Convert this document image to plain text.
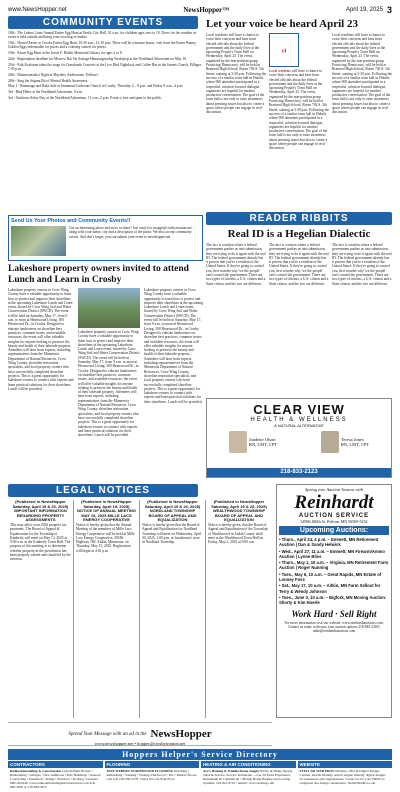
www.NewsHopper.net	NewsHopper™	April 19, 2025 3
COMMUNITY EVENTS
18th - The Lakers Lions Annual Easter Egg Hunt at Emily City Hall, 10 a.m., for children ages zero to 10. Dress for the weather as event is held outside and bring your own bag or basket.
19th - Hosted Easter at Crooks Easter Egg Hunt, 10:30 a.m.–12:30 p.m. There will be a bounce house, visit from the Easter Bunny, Golden Eggs redeemable for prizes and a coloring contest for prizes.
19th - Easter Egg Hunt at the Jessie F. Hallett Memorial Library for ages 2 to 8.
24th - Registration deadline for Morrow Bat Vet Satsage Hammogenolog Workshop at the Northland Arboretum on May 10.
25th - Erik Koskinen takes the stage for Grasslands Concerts at the Live Bird Nightlock and Coffee Bar in the Jaunes Church, Pillager. 7:30 p.m.
26th - Bluemoonsalist Night at Maydery Auditorium, Trellawf.
28th - Sing the Stigma Bit of Mental Health Awareness.
May 1 - Rummage and Bake Sale at Immanuel Lutheran Church in Crosby. Thursday 4 – 8 p.m. and Friday 8 a.m.–4 p.m.
3rd - Bird Hikes at the Northland Arboretum, 8 a.m.
3rd - Outdoors Arbor Day at the Northland Arboretum, 11 a.m.–2 p.m. Event is free and open to the public.
Send Us Your Photos and Community Events!!
Got an interesting photo and story to share? Just send it to moppe@crosbyironton.net, along with your name, city and a description of the photo. We also accept community events. And don't forget, you can submit your event to newshopper.net
Lakeshore property owners invited to attend Lunch and Learn in Crosby
Lakeshore property owners in Crow Wing County have a valuable opportunity to learn how to protect and improve their shorelines at the upcoming Lakeshore Lunch and Learn event, hosted by Crow Wing Soil and Water Conservation District (SWCD). The event will be held on Saturday, May 17, from 9 a.m. to noon at Heartwood Living, 500 Heartwood Dr., in Crosby. Designed to educate landowners on shoreline best practices, common issues, and available resources, the event will offer valuable insights for anyone looking to preserve the beauty and health of their lakeside property. Attendees will hear from experts, including representatives from the Minnesota Department of Natural Resources, Crow Wing County, shoreline restoration specialists, and local property owners who have successfully completed shoreline projects. This is a great opportunity for lakeshore owners to connect with experts and learn practical solutions for their shorelines. Lunch will be provided.
Lakeshore property owners in Crow Wing County have a valuable opportunity to learn how to protect and improve their shorelines at the upcoming Lakeshore Lunch and Learn event, hosted by Crow Wing Soil and Water Conservation District (SWCD). The event will be held on Saturday, May 17, from 9 a.m. to noon at Heartwood Living, 500 Heartwood Dr., in Crosby. Designed to educate landowners on shoreline best practices, common issues, and available resources, the event will offer valuable insights for anyone looking to preserve the beauty and health of their lakeside property. Attendees will hear from experts, including representatives from the Minnesota Department of Natural Resources, Crow Wing County, shoreline restoration specialists, and local property owners who have successfully completed shoreline projects. This is a great opportunity for lakeshore owners to connect with experts and learn practical solutions for their shorelines. Lunch will be provided.
Lakeshore property owners in Crow Wing County have a valuable opportunity to learn how to protect and improve their shorelines at the upcoming Lakeshore Lunch and Learn event, hosted by Crow Wing Soil and Water Conservation District (SWCD). The event will be held on Saturday, May 17, from 9 a.m. to noon at Heartwood Living, 500 Heartwood Dr., in Crosby. Designed to educate landowners on shoreline best practices, common issues, and available resources, the event will offer valuable insights for anyone looking to preserve the beauty and health of their lakeside property. Attendees will hear from experts, including representatives from the Minnesota Department of Natural Resources, Crow Wing County, shoreline restoration specialists, and local property owners who have successfully completed shoreline projects. This is a great opportunity for lakeshore owners to connect with experts and learn practical solutions for their shorelines. Lunch will be provided.
Let your voice be heard April 23
Local residents will have a chance to voice their concerns and hear from elected officials about the federal government and the daily lives at the upcoming People's Town Hall on Wednesday, April 23. The event, organized by the non-partisan group Practicing Democracy, will be held at Brainerd High School, Room 702 S. 5th Street, starting at 5:30 p.m. Following the success of a similar town hall in Duluth, where 900 attendees participated in a respectful, solution-focused dialogue, organizers are hopeful for another productive conversation. The goal of the town hall is not only to raise awareness about pressing issues but also to create a space where people can engage in civil discussion.
📢
Local residents will have a chance to voice their concerns and hear from elected officials about the federal government and the daily lives at the upcoming People's Town Hall on Wednesday, April 23. The event, organized by the non-partisan group Practicing Democracy, will be held at Brainerd High School, Room 702 S. 5th Street, starting at 5:30 p.m. Following the success of a similar town hall in Duluth, where 900 attendees participated in a respectful, solution-focused dialogue, organizers are hopeful for another productive conversation. The goal of the town hall is not only to raise awareness about pressing issues but also to create a space where people can engage in civil discussion.
Local residents will have a chance to voice their concerns and hear from elected officials about the federal government and the daily lives at the upcoming People's Town Hall on Wednesday, April 23. The event, organized by the non-partisan group Practicing Democracy, will be held at Brainerd High School, Room 702 S. 5th Street, starting at 5:30 p.m. Following the success of a similar town hall in Duluth, where 900 attendees participated in a respectful, solution-focused dialogue, organizers are hopeful for another productive conversation. The goal of the town hall is not only to raise awareness about pressing issues but also to create a space where people can engage in civil discussion.
READER RIBBITS
Real ID is a Hegelian Dialectic
The fact is a nation where a federal government pushes us into submission, they are trying to do it again with the real ID. The federal government already has it proven that you're a resident of the United States. If they're going to control you, first wonder why 'we the people' can't control the government. There are two types of citizens, a U.S. citizen and a State citizen, and the two are different.
The fact is a nation where a federal government pushes us into submission, they are trying to do it again with the real ID. The federal government already has it proven that you're a resident of the United States. If they're going to control you, first wonder why 'we the people' can't control the government. There are two types of citizens, a U.S. citizen and a State citizen, and the two are different.
The fact is a nation where a federal government pushes us into submission, they are trying to do it again with the real ID. The federal government already has it proven that you're a resident of the United States. If they're going to control you, first wonder why 'we the people' can't control the government. There are two types of citizens, a U.S. citizen and a State citizen, and the two are different.
CLEAR VIEW
HEALTH & WELLNESS
A NATURAL ALTERNATIVE
Jaudette Olson
RN, LMT, CPT
Teresa Jones
RN, LMT, CPT
218-833-2123
LEGAL NOTICES
(Published in NewsHopper Saturday, April 19 & 26, 2025) IMPORTANT INFORMATION REGARDING PROPERTY ASSESSMENTS
This may affect your 2026 property tax payments. The Board of Appeal & Equalization for the Township of Kimberly will meet on May 13, 2025 at 9:00 a.m. at the Kimberly Town Hall. The purpose of this meeting is to determine whether property in the jurisdiction has been properly valued and classified by the assessor.
(Published in NewsHopper Saturday, April 19, 2025) NOTICE OF ANNUAL MEETING MAY 15, 2025 MILLE LACS ENERGY COOPERATIVE
Notice is hereby given that the Annual Meeting of the members of Mille Lacs Energy Cooperative will be held at Mille Lacs Energy Cooperative, 29186 Highway 169, Aitkin, Minnesota, on Thursday, May 15, 2025. Registration will begin at 4:30 p.m.
(Published in NewsHopper Saturday, April 19 & 26, 2025) NORDLAND TOWNSHIP BOARD OF APPEAL AND EQUALIZATION
Notice is hereby given that the Board of Appeal and Equalization for Nordland Township will meet on Wednesday, April 30, 2025, 1:00 p.m. at Sandstrom's store in Nordland Township.
(Published in NewsHopper Saturday, April 19 & 26, 2025) WEALTHWOOD TOWNSHIP BOARD OF APPEAL AND EQUALIZATION
Notice is hereby given, that the Board of Appeal and Equalization of the Township of Wealthwood in Aitkin County shall meet at the Wealthwood Town Hall on Friday, May 2, 2025 at 9:00 a.m.
Spring into Auction Season with
Reinhardt
AUCTION SERVICE
34996 480th St. Pelican, MN 56569-5234
Upcoming Auctions:
• Thurs., April 24, 4 p.m. – Emmett, MN Retirement Auction | Dan & Sandy Helwick
• Wed., April 27, 11 a.m. – Emmett, MN Firearm/Ammo Auction | Lynne Bliss
• Thurs., May 1, 10 a.m. – Virginia, MN Retirement Farm Auction | Roger Nunning
• Tues., May 6, 10 a.m. – Great Rapids, MN Estate of Lonney Foss
• Sat., May 17, 10 a.m. – Aitkin, MN Farm Sellout for Terry & Wendy Johnson
• Tues., June 3, 10 a.m. – Bigfork, MN Moving Auction: Shorty & Kim Hoerle
Work Hard · Sell Right
For more information visit our website: www.reinhardtauctions.com. Contact us today to discuss your auction options 218-845-2360 | mike@reinhardtauctions.com
Spread Your Message with an ad in the NewsHopper
www.newshopper.net • hopper@crosbyironton.net
Hoppers Helper's Service Directory
CONTRACTORS
Radke Remodeling & Construction Custom Built Homes • Remodeling • Garages • New Additions • Pole Buildings • General Contracting • Insulation • Siding • Windows • Roofing. Licensed #BC-601949. www.radkeremodelingandconstruction.com 218-820-2630 or 218-838-4553
FLOORING
JEFF WEBERS NORTHWOOD FLOORING Installing • Refinishing • Sanding • Waxing. Hardwood • Tile • Rubber Floors. Call Jeff 218-330-2578. Chaos We Cut Your Floor
HEATING & AIR CONDITIONING
Ace's Heating & Waddle Home Supply HVAC & Home Supply Sales & Service. Service Technician – over 30 Years Experience. Residential & Commercial • Mobile Home Heating and Cooling Systems. 218-821-9710 • Aitkin • Ace's heating.com
WEBSITE
STELLAR WEB PROS Websites, SEO & Digital Design. Custom, mobile friendly, search engine friendly, digital designs for businesses and organizations. Contact us for your FREE no obligation site design consultation. StellarWebPros.com
